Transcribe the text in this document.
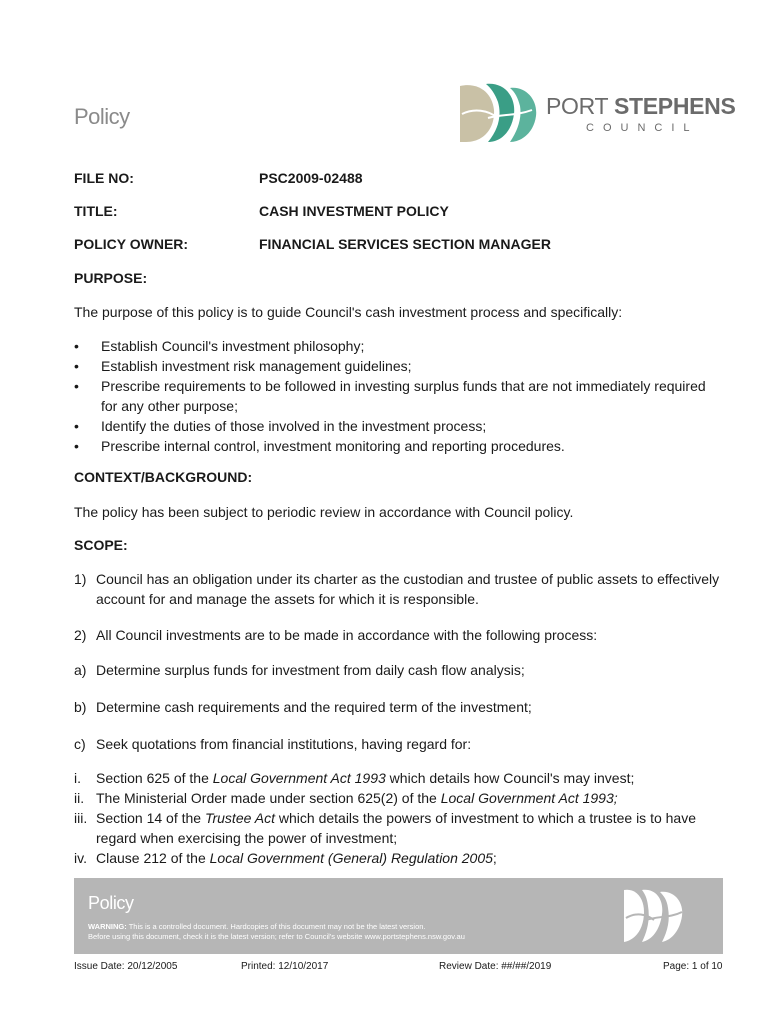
Policy	PORT STEPHENS
COUNCIL
FILE NO:	PSC2009-02488
TITLE:	CASH INVESTMENT POLICY
POLICY OWNER:	FINANCIAL SERVICES SECTION MANAGER
PURPOSE:
The purpose of this policy is to guide Council's cash investment process and specifically:
• Establish Council's investment philosophy;
• Establish investment risk management guidelines;
• Prescribe requirements to be followed in investing surplus funds that are not immediately required for any other purpose;
• Identify the duties of those involved in the investment process;
• Prescribe internal control, investment monitoring and reporting procedures.
CONTEXT/BACKGROUND:
The policy has been subject to periodic review in accordance with Council policy.
SCOPE:
1) Council has an obligation under its charter as the custodian and trustee of public assets to effectively account for and manage the assets for which it is responsible.
2) All Council investments are to be made in accordance with the following process:
a) Determine surplus funds for investment from daily cash flow analysis;
b) Determine cash requirements and the required term of the investment;
c) Seek quotations from financial institutions, having regard for:
i. Section 625 of the Local Government Act 1993 which details how Council's may invest;
ii. The Ministerial Order made under section 625(2) of the Local Government Act 1993;
iii. Section 14 of the Trustee Act which details the powers of investment to which a trustee is to have regard when exercising the power of investment;
iv. Clause 212 of the Local Government (General) Regulation 2005;
Policy
WARNING: This is a controlled document. Hardcopies of this document may not be the latest version.
Before using this document, check it is the latest version; refer to Council's website www.portstephens.nsw.gov.au
Issue Date: 20/12/2005	Printed: 12/10/2017	Review Date: ##/##/2019	Page: 1 of 10
